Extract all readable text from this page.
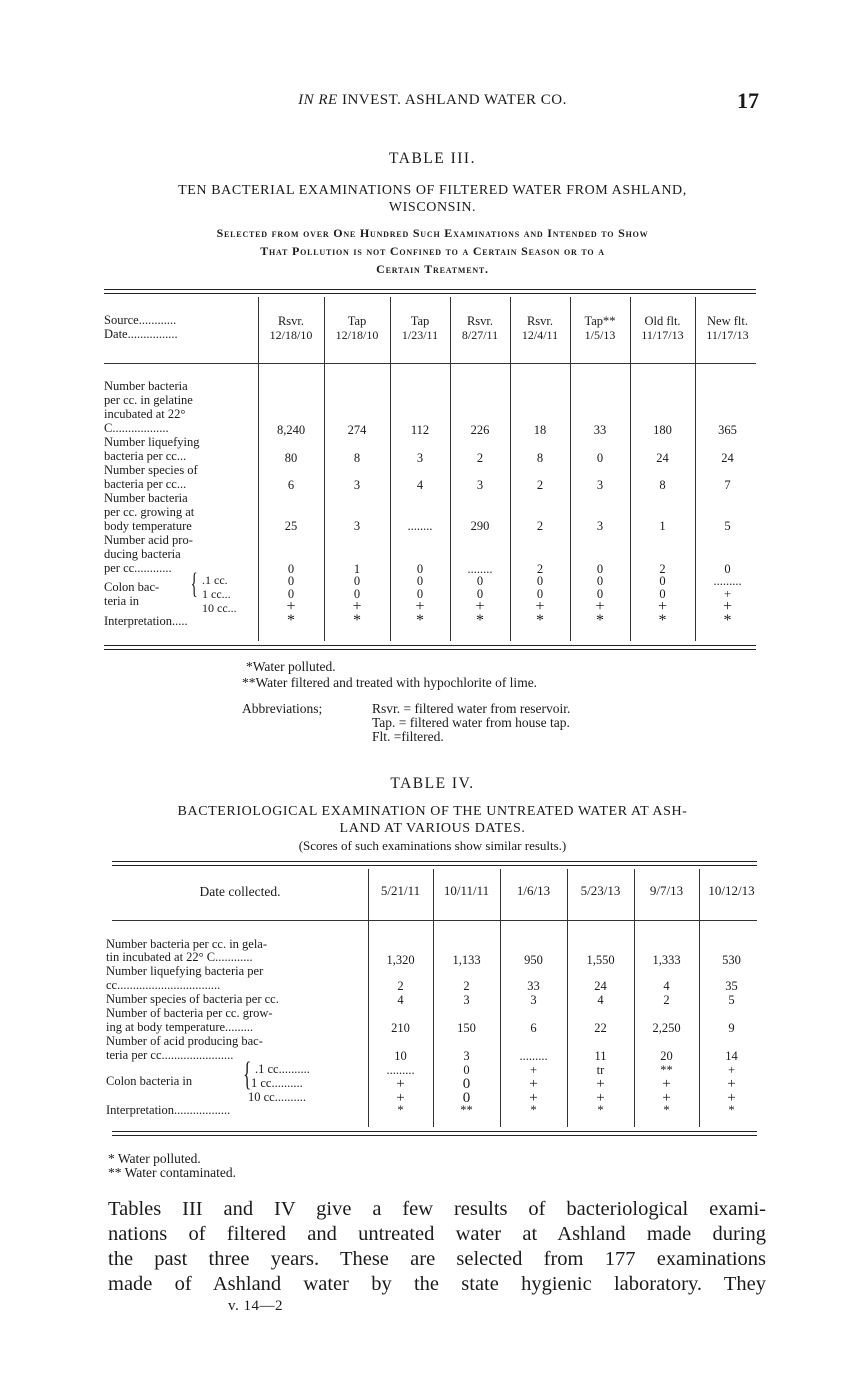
IN RE INVEST. ASHLAND WATER CO.	17
TABLE III.
TEN BACTERIAL EXAMINATIONS OF FILTERED WATER FROM ASHLAND,
WISCONSIN.
Selected from over One Hundred Such Examinations and Intended to Show
That Pollution is not Confined to a Certain Season or to a
Certain Treatment.
Source............
Date................
Number bacteria
per cc. in gelatine
incubated at 22°
C..................
Number liquefying
bacteria per cc...
Number species of
bacteria per cc...
Number bacteria
per cc. growing at
body temperature
Number acid pro-
ducing bacteria
per cc............
Colon bac-
teria in
{ .1 cc.
1 cc...
10 cc...
Interpretation.....
Rsvr.
12/18/10
8,240
80
6
25
0
0
0
+
*
Tap
12/18/10
274
8
3
3
1
0
0
+
*
Tap
1/23/11
112
3
4
........
0
0
0
+
*
Rsvr.
8/27/11
226
2
3
290
........
0
0
+
*
Rsvr.
12/4/11
18
8
2
2
2
0
0
+
*
Tap**
1/5/13
33
0
3
3
0
0
0
+
*
Old flt.
11/17/13
180
24
8
1
2
0
0
+
*
New flt.
11/17/13
365
24
7
5
0
.........
+
+
*
*Water polluted.
**Water filtered and treated with hypochlorite of lime.
Abbreviations;	Rsvr. = filtered water from reservoir.
Tap. = filtered water from house tap.
Flt. =filtered.
TABLE IV.
BACTERIOLOGICAL EXAMINATION OF THE UNTREATED WATER AT ASH-
LAND AT VARIOUS DATES.
(Scores of such examinations show similar results.)
Date collected.
Number bacteria per cc. in gela-
tin incubated at 22° C............
Number liquefying bacteria per
cc.................................
Number species of bacteria per cc.
Number of bacteria per cc. grow-
ing at body temperature.........
Number of acid producing bac-
teria per cc.......................
Colon bacteria in { .1 cc..........
1 cc..........
10 cc..........
Interpretation..................
5/21/11
1,320
2
4
210
10
.........
+
+
*
10/11/11
1,133
2
3
150
3
0
0
0
**
1/6/13
950
33
3
6
.........
+
+
+
*
5/23/13
1,550
24
4
22
11
tr
+
+
*
9/7/13
1,333
4
2
2,250
20
**
+
+
*
10/12/13
530
35
5
9
14
+
+
+
*
* Water polluted.
** Water contaminated.
Tables III and IV give a few results of bacteriological exami-
nations of filtered and untreated water at Ashland made during
the past three years. These are selected from 177 examinations
made of Ashland water by the state hygienic laboratory. They
v. 14—2
